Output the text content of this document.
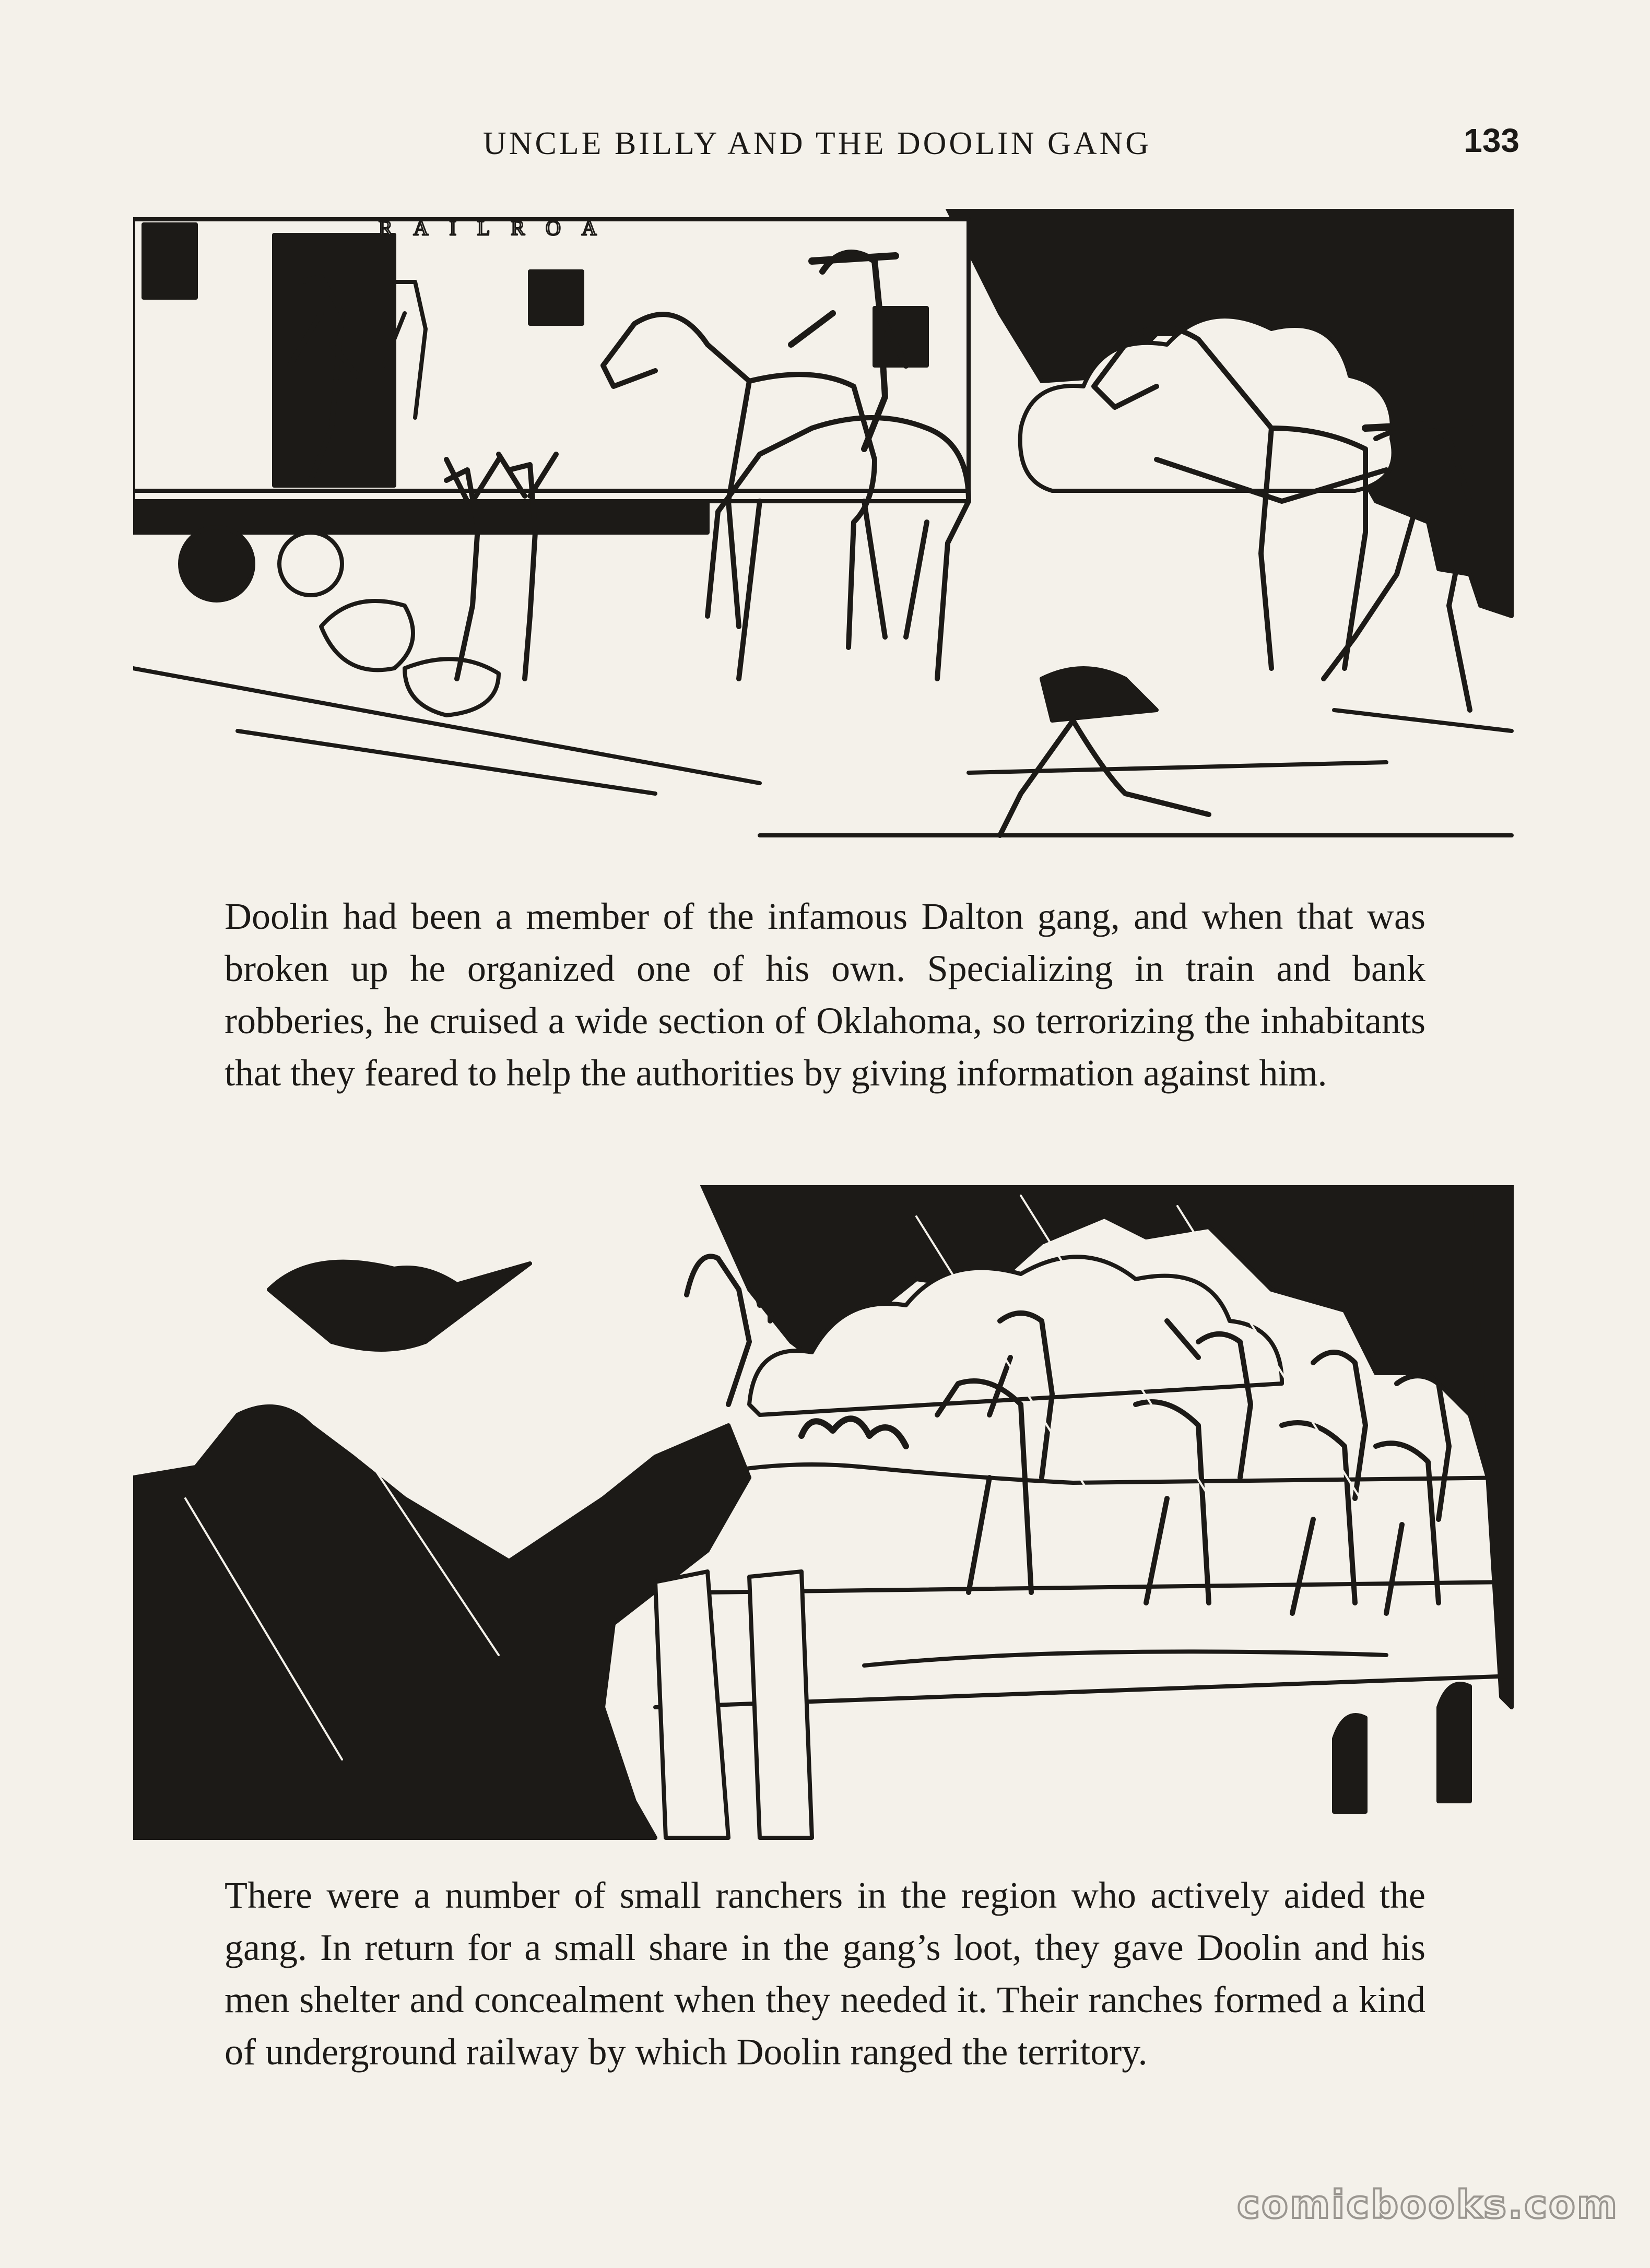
UNCLE BILLY AND THE DOOLIN GANG	133
RAILROA
Doolin had been a member of the infamous Dalton gang, and when that was broken up he organized one of his own. Specializing in train and bank robberies, he cruised a wide section of Oklahoma, so terrorizing the inhabitants that they feared to help the authorities by giving information against him.
There were a number of small ranchers in the region who actively aided the gang. In return for a small share in the gang’s loot, they gave Doolin and his men shelter and concealment when they needed it. Their ranches formed a kind of underground railway by which Doolin ranged the territory.
comicbooks.com
